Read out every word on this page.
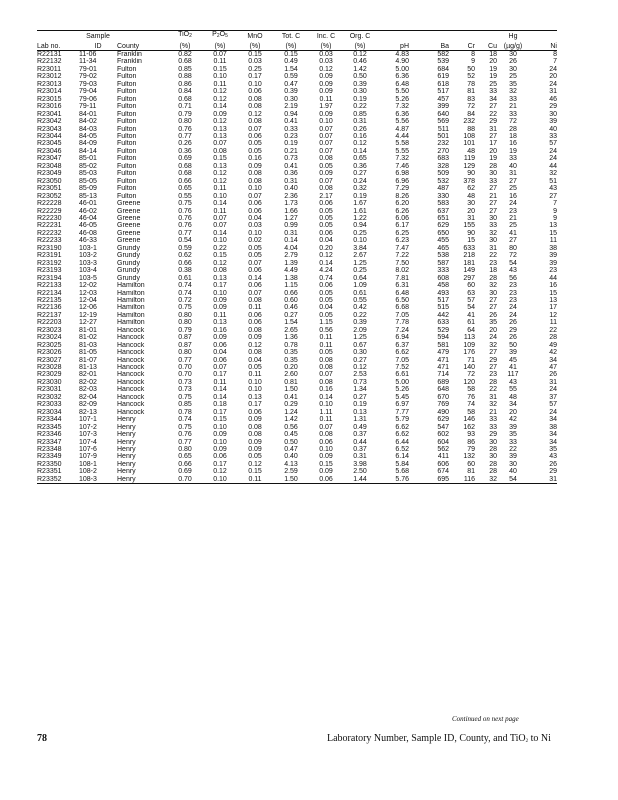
	Sample		TiO$_2$	$P_2O_5$	MnO	Tot. C	Inc. C	Org. C					Hg	
Lab no.	ID	County	(%)	(%)	(%)	(%)	(%)	(%)	pH	Ba	Cr	Cu	(µg/g)	Ni
R22131	11-06	Franklin	0.82	0.07	0.15	0.15	0.03	0.12	4.83	582	8	18	30	8
R22132	11-34	Franklin	0.68	0.11	0.03	0.49	0.03	0.46	4.90	539	9	20	26	7
R23011	79-01	Fulton	0.85	0.15	0.25	1.54	0.12	1.42	5.00	684	50	19	30	24
R23012	79-02	Fulton	0.88	0.10	0.17	0.59	0.09	0.50	6.36	619	52	19	25	20
R23013	79-03	Fulton	0.86	0.11	0.10	0.47	0.09	0.39	6.48	618	78	25	35	24
R23014	79-04	Fulton	0.84	0.12	0.06	0.39	0.09	0.30	5.50	517	81	33	32	31
R23015	79-06	Fulton	0.68	0.12	0.08	0.30	0.11	0.19	5.26	457	83	34	33	46
R23016	79-11	Fulton	0.71	0.14	0.08	2.19	1.97	0.22	7.32	399	72	27	21	29
R23041	84-01	Fulton	0.79	0.09	0.12	0.94	0.09	0.85	6.36	640	84	22	33	30
R23042	84-02	Fulton	0.80	0.12	0.08	0.41	0.10	0.31	5.56	569	232	29	72	39
R23043	84-03	Fulton	0.76	0.13	0.07	0.33	0.07	0.26	4.87	511	88	31	28	40
R23044	84-05	Fulton	0.77	0.13	0.06	0.23	0.07	0.16	4.44	501	108	27	18	33
R23045	84-09	Fulton	0.26	0.07	0.05	0.19	0.07	0.12	5.58	232	101	17	16	57
R23046	84-14	Fulton	0.36	0.08	0.05	0.21	0.07	0.14	5.55	270	48	20	19	24
R23047	85-01	Fulton	0.69	0.15	0.16	0.73	0.08	0.65	7.32	683	119	19	33	24
R23048	85-02	Fulton	0.68	0.13	0.09	0.41	0.05	0.36	7.46	328	129	28	40	44
R23049	85-03	Fulton	0.68	0.12	0.08	0.36	0.09	0.27	6.98	509	90	30	31	32
R23050	85-05	Fulton	0.66	0.12	0.08	0.31	0.07	0.24	6.96	532	378	33	27	51
R23051	85-09	Fulton	0.65	0.11	0.10	0.40	0.08	0.32	7.29	487	62	27	25	43
R23052	85-13	Fulton	0.55	0.10	0.07	2.36	2.17	0.19	8.26	330	48	21	16	27
R22228	46-01	Greene	0.75	0.14	0.06	1.73	0.06	1.67	6.20	583	30	27	24	7
R22229	46-02	Greene	0.76	0.11	0.06	1.66	0.05	1.61	6.26	637	20	27	23	9
R22230	46-04	Greene	0.76	0.07	0.04	1.27	0.05	1.22	6.06	651	31	30	21	9
R22231	46-05	Greene	0.76	0.07	0.03	0.99	0.05	0.94	6.17	629	155	33	25	13
R22232	46-08	Greene	0.77	0.14	0.10	0.31	0.06	0.25	6.25	650	90	32	41	15
R22233	46-33	Greene	0.54	0.10	0.02	0.14	0.04	0.10	6.23	455	15	30	27	11
R23190	103-1	Grundy	0.59	0.22	0.05	4.04	0.20	3.84	7.47	465	633	31	80	38
R23191	103-2	Grundy	0.62	0.15	0.05	2.79	0.12	2.67	7.22	538	218	22	72	39
R23192	103-3	Grundy	0.66	0.12	0.07	1.39	0.14	1.25	7.50	587	181	23	54	39
R23193	103-4	Grundy	0.38	0.08	0.06	4.49	4.24	0.25	8.02	333	149	18	43	23
R23194	103-5	Grundy	0.61	0.13	0.14	1.38	0.74	0.64	7.81	608	297	28	56	44
R22133	12-02	Hamilton	0.74	0.17	0.06	1.15	0.06	1.09	6.31	458	60	32	23	16
R22134	12-03	Hamilton	0.74	0.10	0.07	0.66	0.05	0.61	6.48	493	63	30	23	15
R22135	12-04	Hamilton	0.72	0.09	0.08	0.60	0.05	0.55	6.50	517	57	27	23	13
R22136	12-06	Hamilton	0.75	0.09	0.11	0.46	0.04	0.42	6.68	515	54	27	24	17
R22137	12-19	Hamilton	0.80	0.11	0.06	0.27	0.05	0.22	7.05	442	41	26	24	12
R22203	12-27	Hamilton	0.80	0.13	0.06	1.54	1.15	0.39	7.78	633	61	35	26	11
R23023	81-01	Hancock	0.79	0.16	0.08	2.65	0.56	2.09	7.24	529	64	20	29	22
R23024	81-02	Hancock	0.87	0.09	0.09	1.36	0.11	1.25	6.94	594	113	24	26	28
R23025	81-03	Hancock	0.87	0.06	0.12	0.78	0.11	0.67	6.37	581	109	32	50	49
R23026	81-05	Hancock	0.80	0.04	0.08	0.35	0.05	0.30	6.62	479	176	27	39	42
R23027	81-07	Hancock	0.77	0.06	0.04	0.35	0.08	0.27	7.05	471	71	29	45	34
R23028	81-13	Hancock	0.70	0.07	0.05	0.20	0.08	0.12	7.52	471	140	27	41	47
R23029	82-01	Hancock	0.70	0.17	0.11	2.60	0.07	2.53	6.61	714	72	23	117	26
R23030	82-02	Hancock	0.73	0.11	0.10	0.81	0.08	0.73	5.00	689	120	28	43	31
R23031	82-03	Hancock	0.73	0.14	0.10	1.50	0.16	1.34	5.26	648	58	22	55	24
R23032	82-04	Hancock	0.75	0.14	0.13	0.41	0.14	0.27	5.45	670	76	31	48	37
R23033	82-09	Hancock	0.85	0.18	0.17	0.29	0.10	0.19	6.97	769	74	32	34	57
R23034	82-13	Hancock	0.78	0.17	0.06	1.24	1.11	0.13	7.77	490	58	21	20	24
R23344	107-1	Henry	0.74	0.15	0.09	1.42	0.11	1.31	5.79	629	146	33	42	34
R23345	107-2	Henry	0.75	0.10	0.08	0.56	0.07	0.49	6.62	547	162	33	39	38
R23346	107-3	Henry	0.76	0.09	0.08	0.45	0.08	0.37	6.62	602	93	29	35	34
R23347	107-4	Henry	0.77	0.10	0.09	0.50	0.06	0.44	6.44	604	86	30	33	34
R23348	107-6	Henry	0.80	0.09	0.09	0.47	0.10	0.37	6.52	562	79	28	22	35
R23349	107-9	Henry	0.65	0.06	0.05	0.40	0.09	0.31	6.14	411	132	30	39	43
R23350	108-1	Henry	0.66	0.17	0.12	4.13	0.15	3.98	5.84	606	60	28	30	26
R23351	108-2	Henry	0.69	0.12	0.15	2.59	0.09	2.50	5.68	674	81	28	40	29
R23352	108-3	Henry	0.70	0.10	0.11	1.50	0.06	1.44	5.76	695	116	32	54	31
Continued on next page
78	Laboratory Number, Sample ID, County, and TiO$_2$ to Ni
